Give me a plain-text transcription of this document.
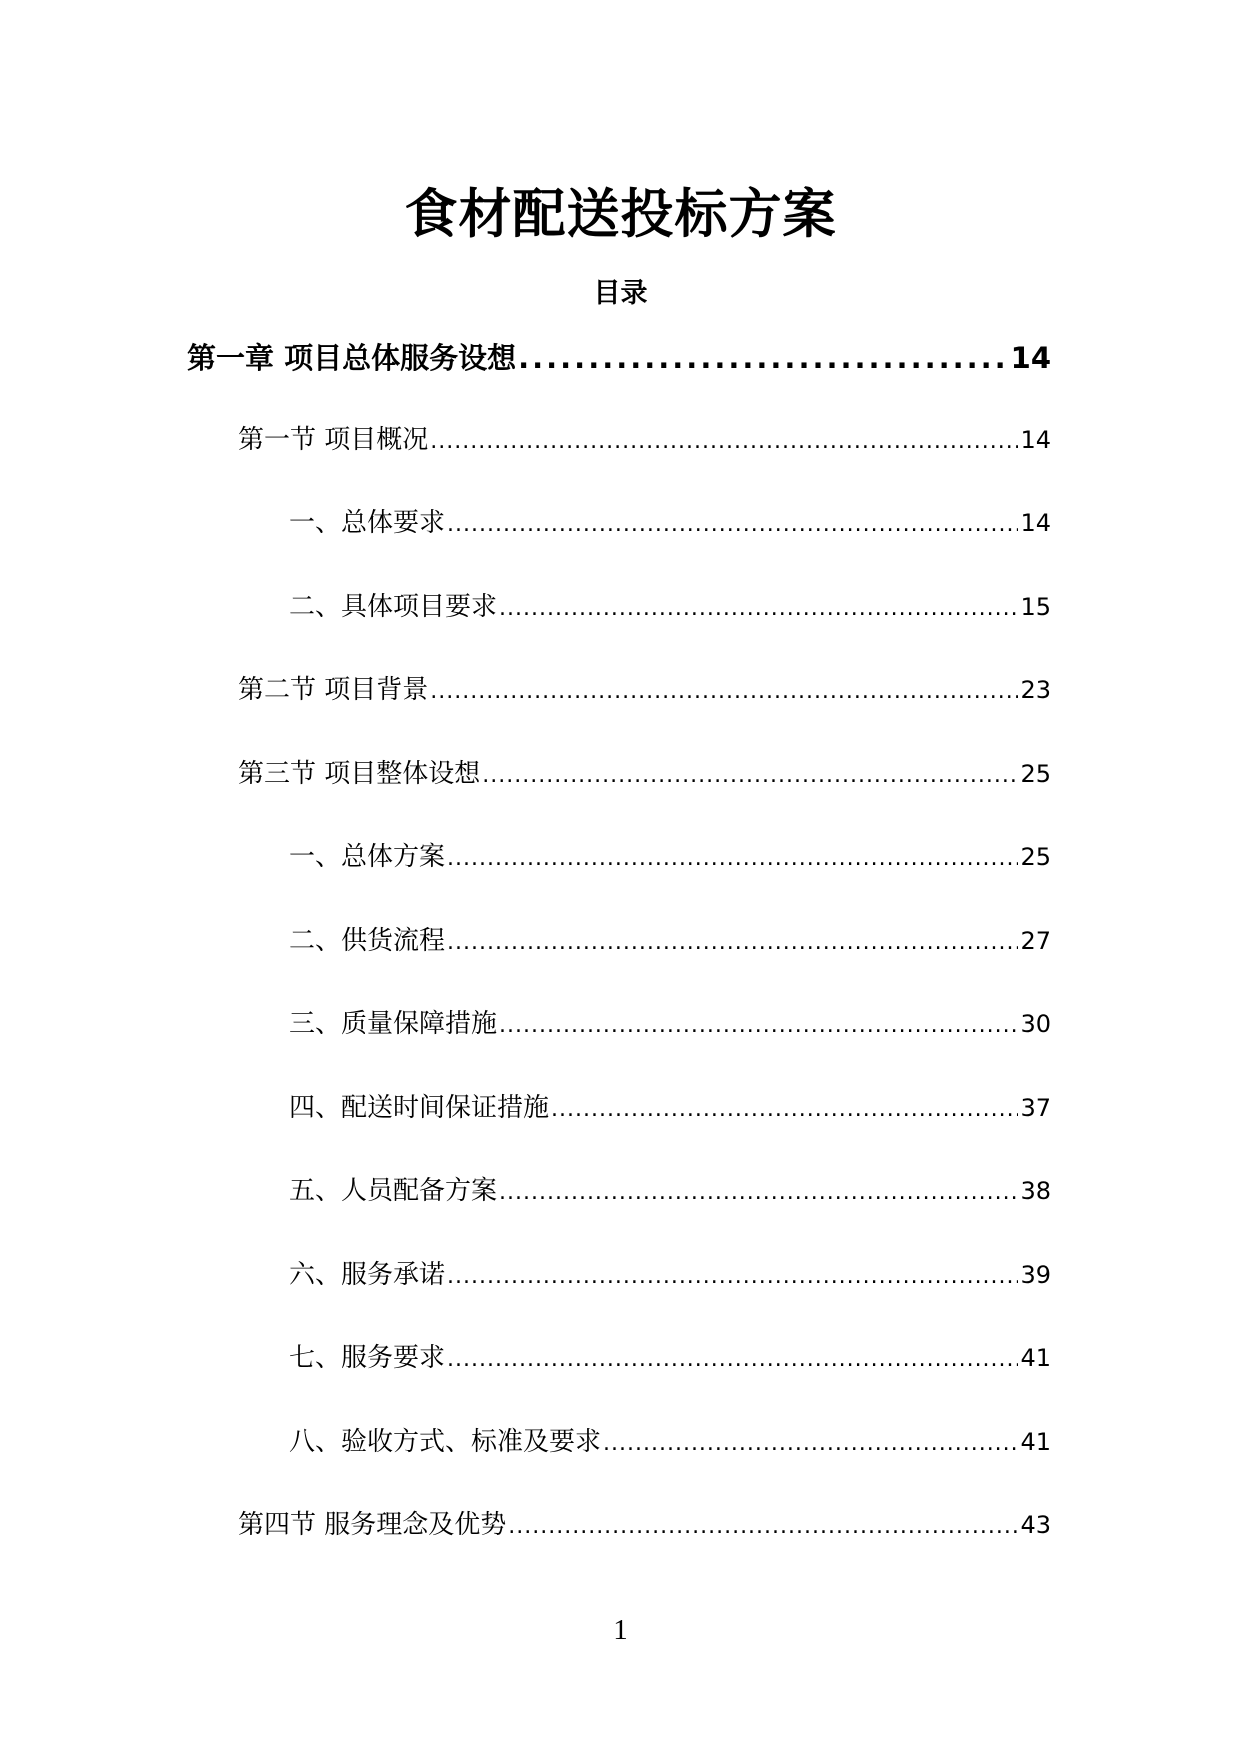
食材配送投标方案
目录
第一章 项目总体服务设想 .....	14
第一节 项目概况 .....	14
一、总体要求 .....	14
二、具体项目要求 .....	15
第二节 项目背景 .....	23
第三节 项目整体设想 .....	25
一、总体方案 .....	25
二、供货流程 .....	27
三、质量保障措施 .....	30
四、配送时间保证措施 .....	37
五、人员配备方案 .....	38
六、服务承诺 .....	39
七、服务要求 .....	41
八、验收方式、标准及要求 .....	41
第四节 服务理念及优势 .....	43
1
